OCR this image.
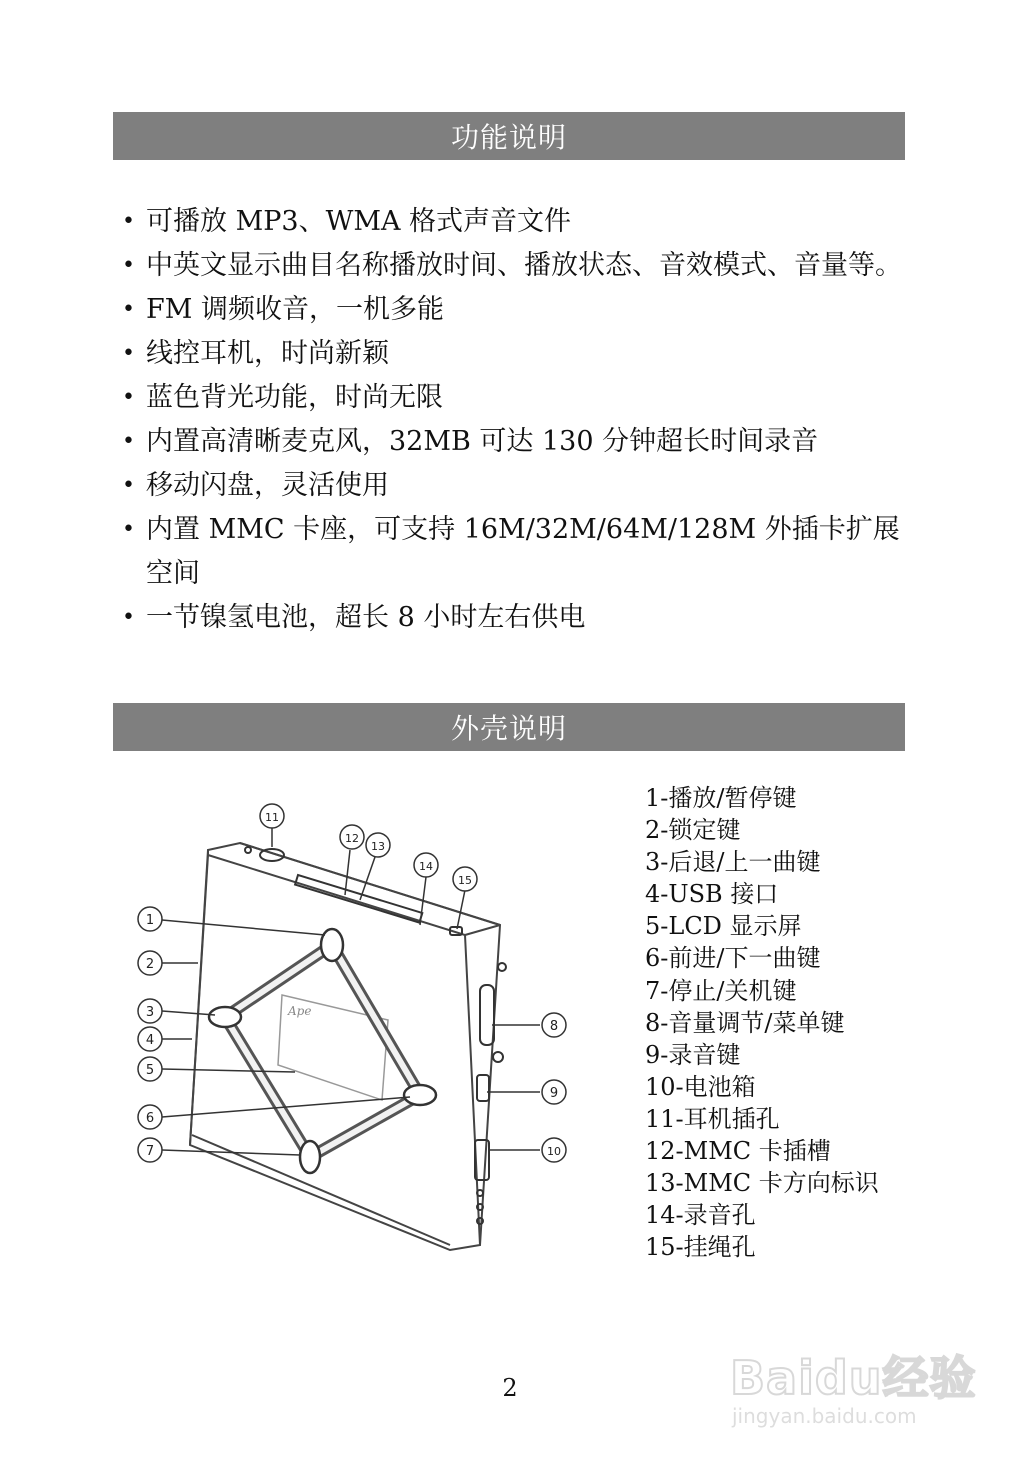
功能说明
• 可播放 MP3、WMA 格式声音文件
• 中英文显示曲目名称播放时间、播放状态、音效模式、音量等。
• FM 调频收音，一机多能
• 线控耳机，时尚新颖
• 蓝色背光功能，时尚无限
• 内置高清晰麦克风，32MB 可达 130 分钟超长时间录音
• 移动闪盘，灵活使用
• 内置 MMC 卡座，可支持 16M/32M/64M/128M 外插卡扩展空间
• 一节镍氢电池，超长 8 小时左右供电
外壳说明
Ape
1
2
3
4
5
6
7
8
9
10
11
12
13
14
15
1-播放/暂停键
2-锁定键
3-后退/上一曲键
4-USB 接口
5-LCD 显示屏
6-前进/下一曲键
7-停止/关机键
8-音量调节/菜单键
9-录音键
10-电池箱
11-耳机插孔
12-MMC 卡插槽
13-MMC 卡方向标识
14-录音孔
15-挂绳孔
2	Baidu经验
jingyan.baidu.com
